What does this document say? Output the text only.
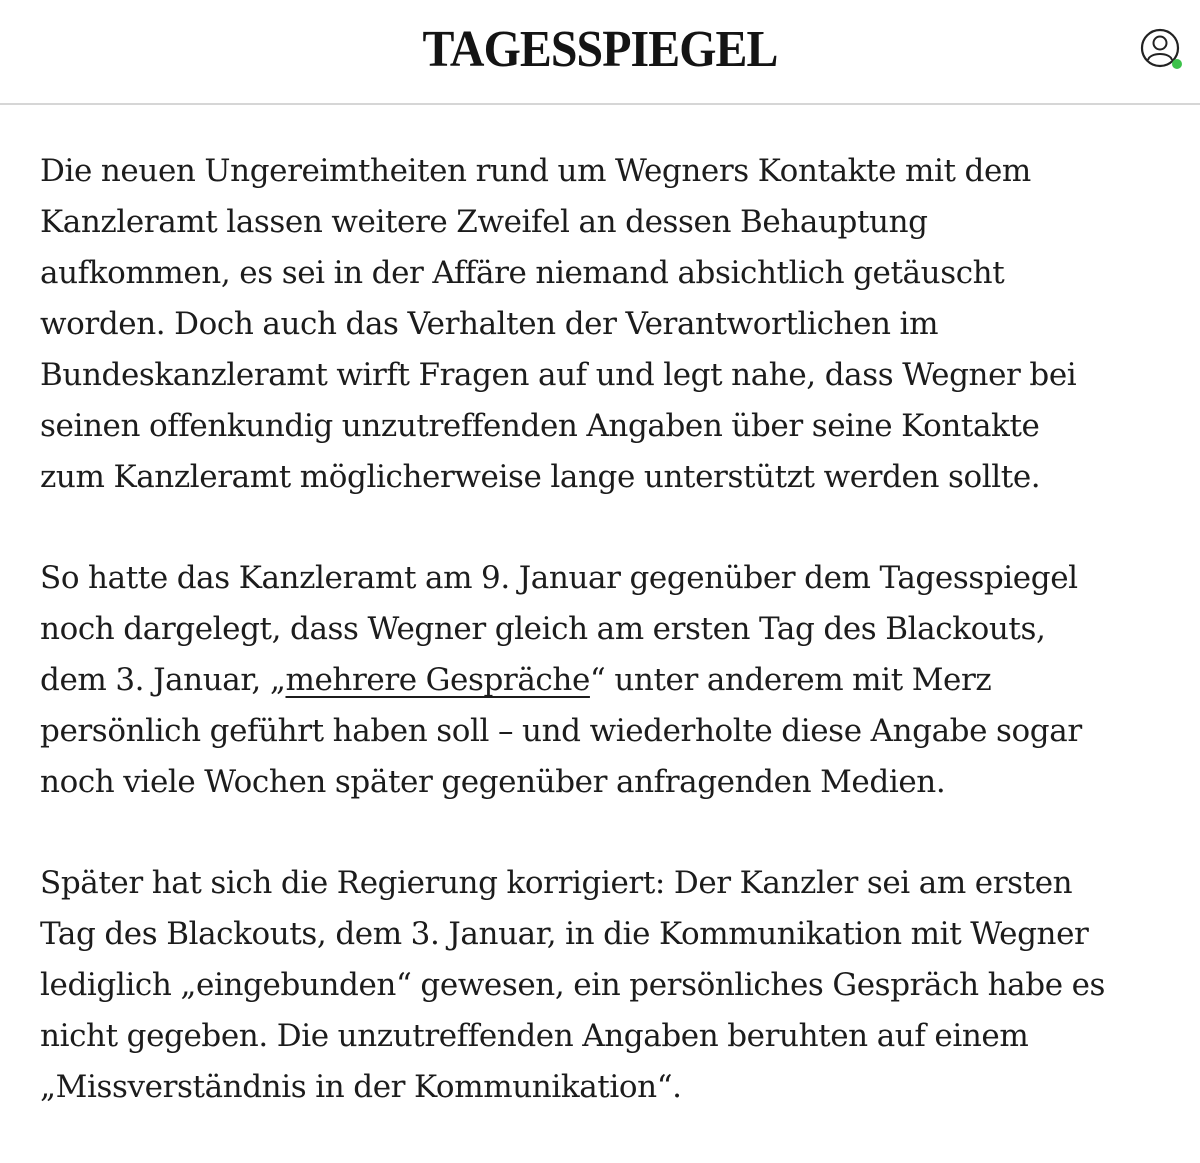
TAGESSPIEGEL

Die neuen Ungereimtheiten rund um Wegners Kontakte mit dem
Kanzleramt lassen weitere Zweifel an dessen Behauptung
aufkommen, es sei in der Affäre niemand absichtlich getäuscht
worden. Doch auch das Verhalten der Verantwortlichen im
Bundeskanzleramt wirft Fragen auf und legt nahe, dass Wegner bei
seinen offenkundig unzutreffenden Angaben über seine Kontakte
zum Kanzleramt möglicherweise lange unterstützt werden sollte.

So hatte das Kanzleramt am 9. Januar gegenüber dem Tagesspiegel
noch dargelegt, dass Wegner gleich am ersten Tag des Blackouts,
dem 3. Januar, „mehrere Gespräche“ unter anderem mit Merz
persönlich geführt haben soll – und wiederholte diese Angabe sogar
noch viele Wochen später gegenüber anfragenden Medien.

Später hat sich die Regierung korrigiert: Der Kanzler sei am ersten
Tag des Blackouts, dem 3. Januar, in die Kommunikation mit Wegner
lediglich „eingebunden“ gewesen, ein persönliches Gespräch habe es
nicht gegeben. Die unzutreffenden Angaben beruhten auf einem
„Missverständnis in der Kommunikation“.
